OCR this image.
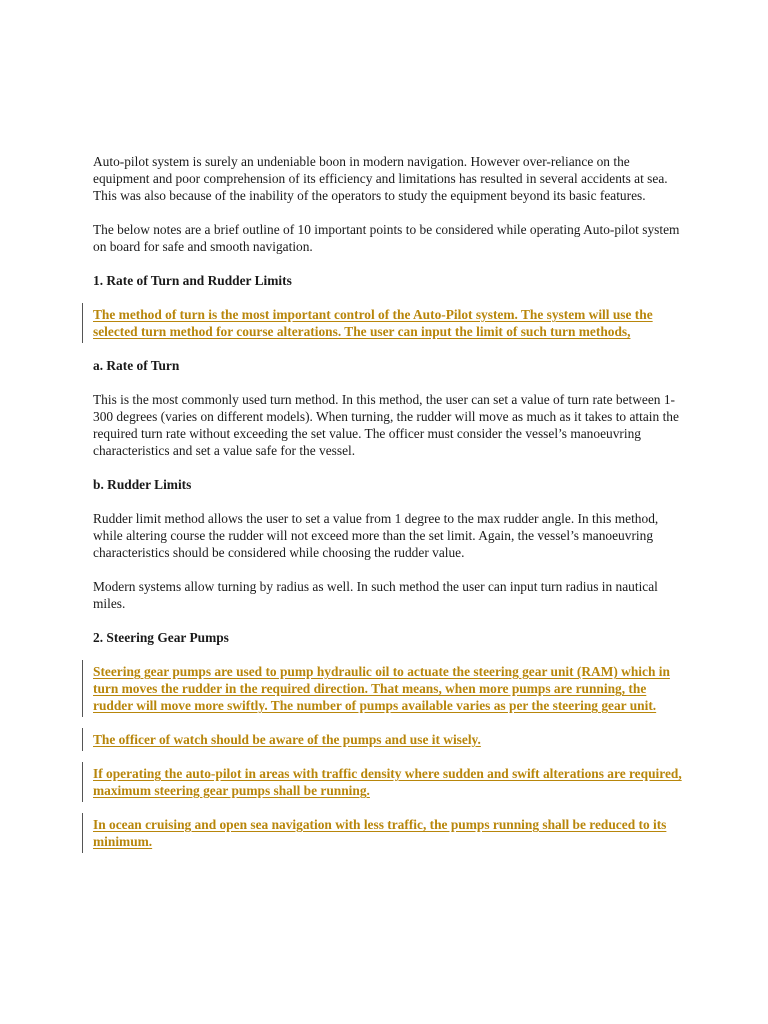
Auto-pilot system is surely an undeniable boon in modern navigation. However over-reliance on the equipment and poor comprehension of its efficiency and limitations has resulted in several accidents at sea. This was also because of the inability of the operators to study the equipment beyond its basic features.

The below notes are a brief outline of 10 important points to be considered while operating Auto-pilot system on board for safe and smooth navigation.

1. Rate of Turn and Rudder Limits

The method of turn is the most important control of the Auto-Pilot system. The system will use the selected turn method for course alterations. The user can input the limit of such turn methods,

a. Rate of Turn

This is the most commonly used turn method. In this method, the user can set a value of turn rate between 1-300 degrees (varies on different models). When turning, the rudder will move as much as it takes to attain the required turn rate without exceeding the set value. The officer must consider the vessel’s manoeuvring characteristics and set a value safe for the vessel.

b. Rudder Limits

Rudder limit method allows the user to set a value from 1 degree to the max rudder angle. In this method, while altering course the rudder will not exceed more than the set limit. Again, the vessel’s manoeuvring characteristics should be considered while choosing the rudder value.

Modern systems allow turning by radius as well. In such method the user can input turn radius in nautical miles.

2. Steering Gear Pumps

Steering gear pumps are used to pump hydraulic oil to actuate the steering gear unit (RAM) which in turn moves the rudder in the required direction. That means, when more pumps are running, the rudder will move more swiftly. The number of pumps available varies as per the steering gear unit.

The officer of watch should be aware of the pumps and use it wisely.

If operating the auto-pilot in areas with traffic density where sudden and swift alterations are required, maximum steering gear pumps shall be running.

In ocean cruising and open sea navigation with less traffic, the pumps running shall be reduced to its minimum.
